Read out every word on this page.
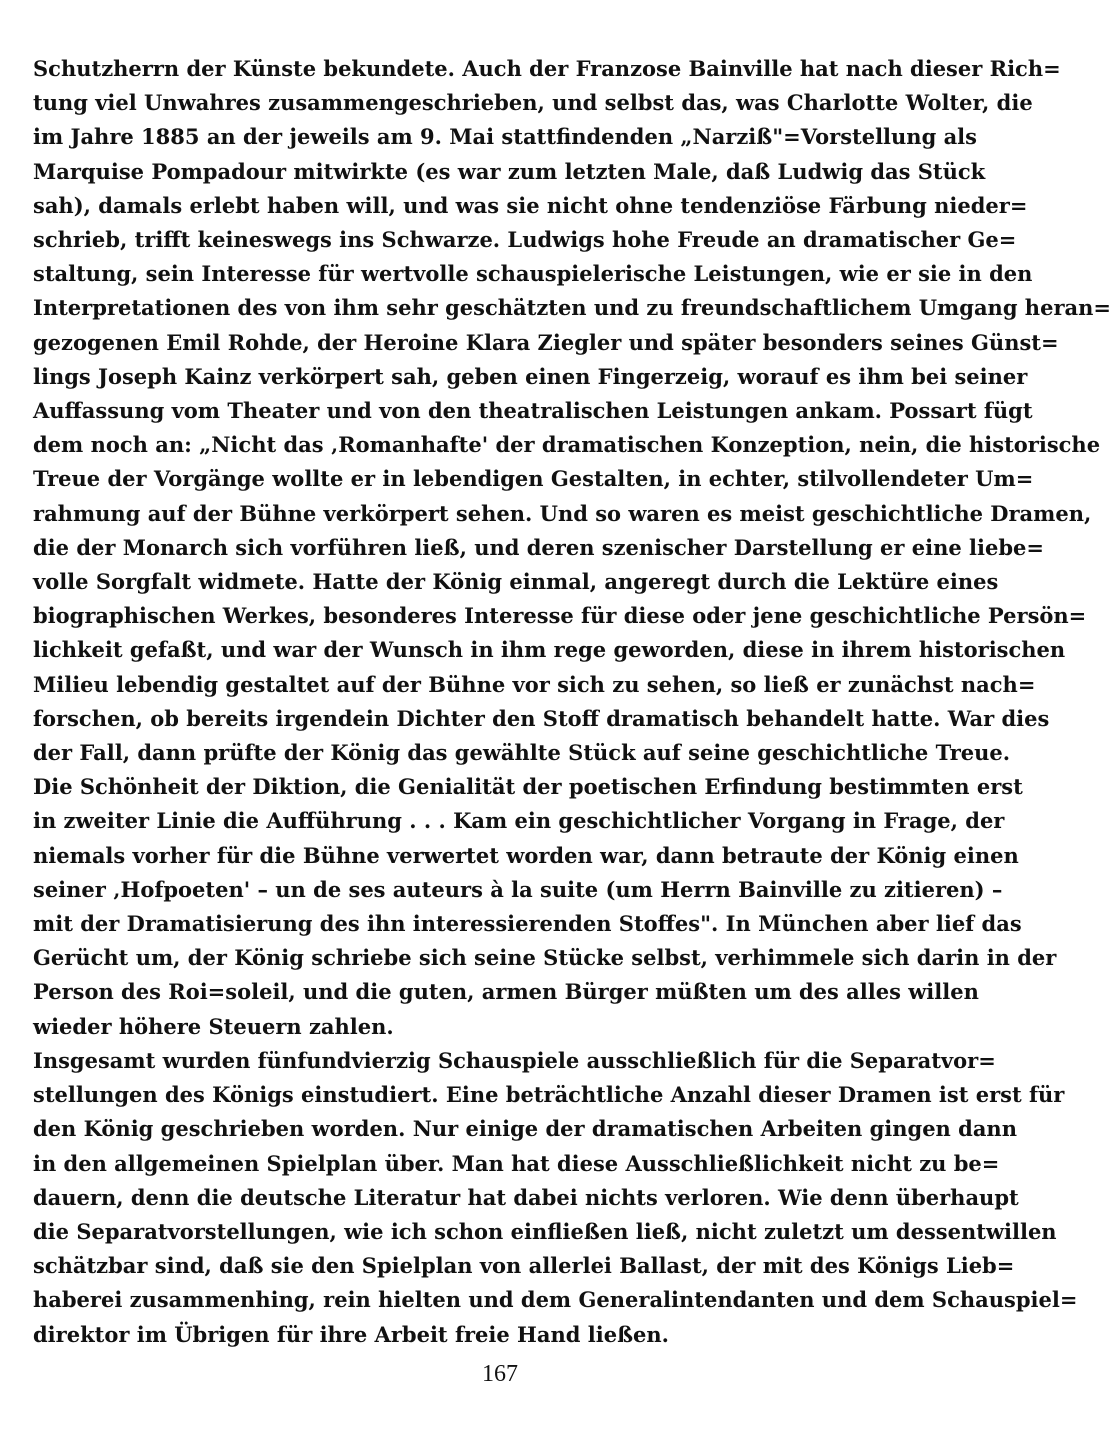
Schutzherrn der Künste bekundete. Auch der Franzose Bainville hat nach dieser Rich=
tung viel Unwahres zusammengeschrieben, und selbst das, was Charlotte Wolter, die
im Jahre 1885 an der jeweils am 9. Mai stattfindenden „Narziß"=Vorstellung als
Marquise Pompadour mitwirkte (es war zum letzten Male, daß Ludwig das Stück
sah), damals erlebt haben will, und was sie nicht ohne tendenziöse Färbung nieder=
schrieb, trifft keineswegs ins Schwarze. Ludwigs hohe Freude an dramatischer Ge=
staltung, sein Interesse für wertvolle schauspielerische Leistungen, wie er sie in den
Interpretationen des von ihm sehr geschätzten und zu freundschaftlichem Umgang heran=
gezogenen Emil Rohde, der Heroine Klara Ziegler und später besonders seines Günst=
lings Joseph Kainz verkörpert sah, geben einen Fingerzeig, worauf es ihm bei seiner
Auffassung vom Theater und von den theatralischen Leistungen ankam. Possart fügt
dem noch an: „Nicht das ‚Romanhafte' der dramatischen Konzeption, nein, die historische
Treue der Vorgänge wollte er in lebendigen Gestalten, in echter, stilvollendeter Um=
rahmung auf der Bühne verkörpert sehen. Und so waren es meist geschichtliche Dramen,
die der Monarch sich vorführen ließ, und deren szenischer Darstellung er eine liebe=
volle Sorgfalt widmete. Hatte der König einmal, angeregt durch die Lektüre eines
biographischen Werkes, besonderes Interesse für diese oder jene geschichtliche Persön=
lichkeit gefaßt, und war der Wunsch in ihm rege geworden, diese in ihrem historischen
Milieu lebendig gestaltet auf der Bühne vor sich zu sehen, so ließ er zunächst nach=
forschen, ob bereits irgendein Dichter den Stoff dramatisch behandelt hatte. War dies
der Fall, dann prüfte der König das gewählte Stück auf seine geschichtliche Treue.
Die Schönheit der Diktion, die Genialität der poetischen Erfindung bestimmten erst
in zweiter Linie die Aufführung . . . Kam ein geschichtlicher Vorgang in Frage, der
niemals vorher für die Bühne verwertet worden war, dann betraute der König einen
seiner ‚Hofpoeten' – un de ses auteurs à la suite (um Herrn Bainville zu zitieren) –
mit der Dramatisierung des ihn interessierenden Stoffes". In München aber lief das
Gerücht um, der König schriebe sich seine Stücke selbst, verhimmele sich darin in der
Person des Roi=soleil, und die guten, armen Bürger müßten um des alles willen
wieder höhere Steuern zahlen.
Insgesamt wurden fünfundvierzig Schauspiele ausschließlich für die Separatvor=
stellungen des Königs einstudiert. Eine beträchtliche Anzahl dieser Dramen ist erst für
den König geschrieben worden. Nur einige der dramatischen Arbeiten gingen dann
in den allgemeinen Spielplan über. Man hat diese Ausschließlichkeit nicht zu be=
dauern, denn die deutsche Literatur hat dabei nichts verloren. Wie denn überhaupt
die Separatvorstellungen, wie ich schon einfließen ließ, nicht zuletzt um dessentwillen
schätzbar sind, daß sie den Spielplan von allerlei Ballast, der mit des Königs Lieb=
haberei zusammenhing, rein hielten und dem Generalintendanten und dem Schauspiel=
direktor im Übrigen für ihre Arbeit freie Hand ließen.
167
